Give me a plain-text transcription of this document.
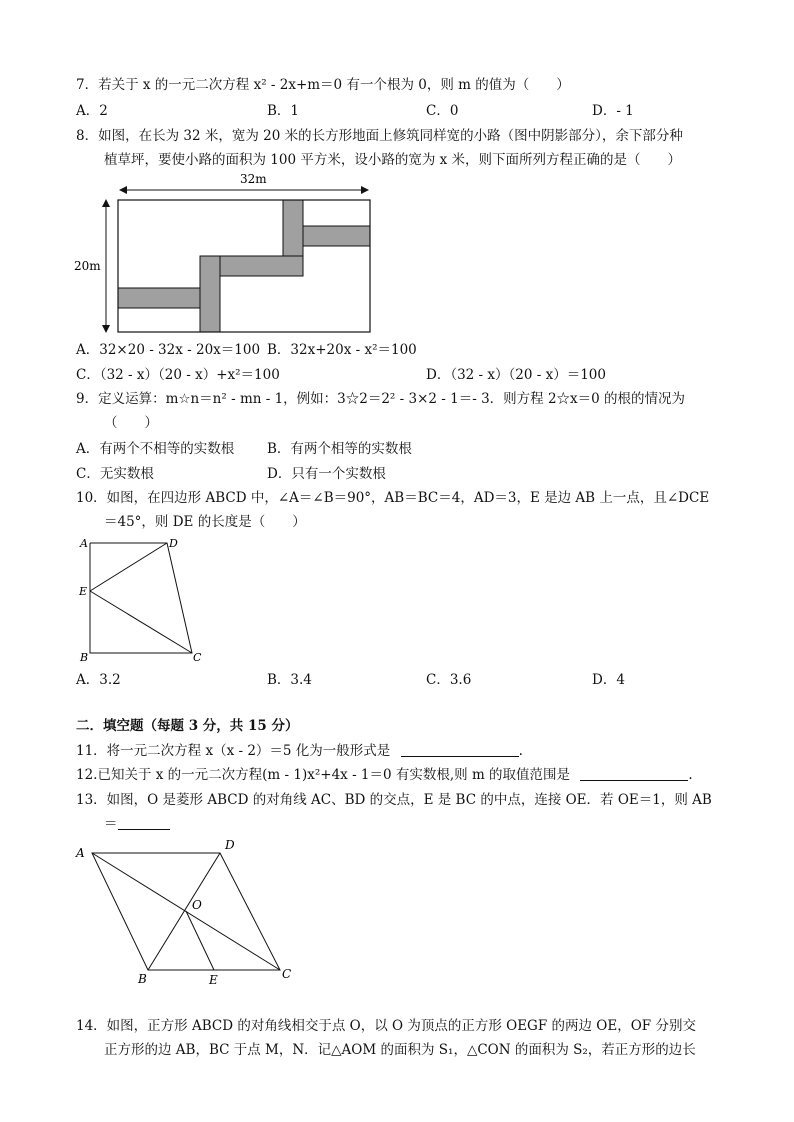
7．若关于 x 的一元二次方程 x² - 2x+m＝0 有一个根为 0，则 m 的值为（　　）
A．2	B．1	C．0	D．- 1
8．如图，在长为 32 米，宽为 20 米的长方形地面上修筑同样宽的小路（图中阴影部分），余下部分种
植草坪，要使小路的面积为 100 平方米，设小路的宽为 x 米，则下面所列方程正确的是（　　）
32m
20m
A．32×20 - 32x - 20x＝100 B．32x+20x - x²＝100
C．（32 - x）（20 - x）+x²＝100	D．（32 - x）（20 - x）＝100
9．定义运算：m☆n＝n² - mn - 1，例如：3☆2＝2² - 3×2 - 1＝- 3．则方程 2☆x＝0 的根的情况为
（　　）
A．有两个不相等的实数根 B．有两个相等的实数根
C．无实数根	D．只有一个实数根
10．如图，在四边形 ABCD 中，∠A＝∠B＝90°，AB＝BC＝4，AD＝3，E 是边 AB 上一点，且∠DCE
＝45°，则 DE 的长度是（　　）
A	D
E
B	C
A．3.2	B．3.4	C．3.6	D．4
二．填空题（每题 3 分，共 15 分）
11．将一元二次方程 x（x - 2）＝5 化为一般形式是	.
12.已知关于 x 的一元二次方程(m - 1)x²+4x - 1＝0 有实数根,则 m 的取值范围是	.
13．如图，O 是菱形 ABCD 的对角线 AC、BD 的交点，E 是 BC 的中点，连接 OE．若 OE＝1，则 AB
＝
A
D
O
B	E	C
14．如图，正方形 ABCD 的对角线相交于点 O，以 O 为顶点的正方形 OEGF 的两边 OE，OF 分别交
正方形的边 AB，BC 于点 M，N．记△AOM 的面积为 S₁，△CON 的面积为 S₂，若正方形的边长
